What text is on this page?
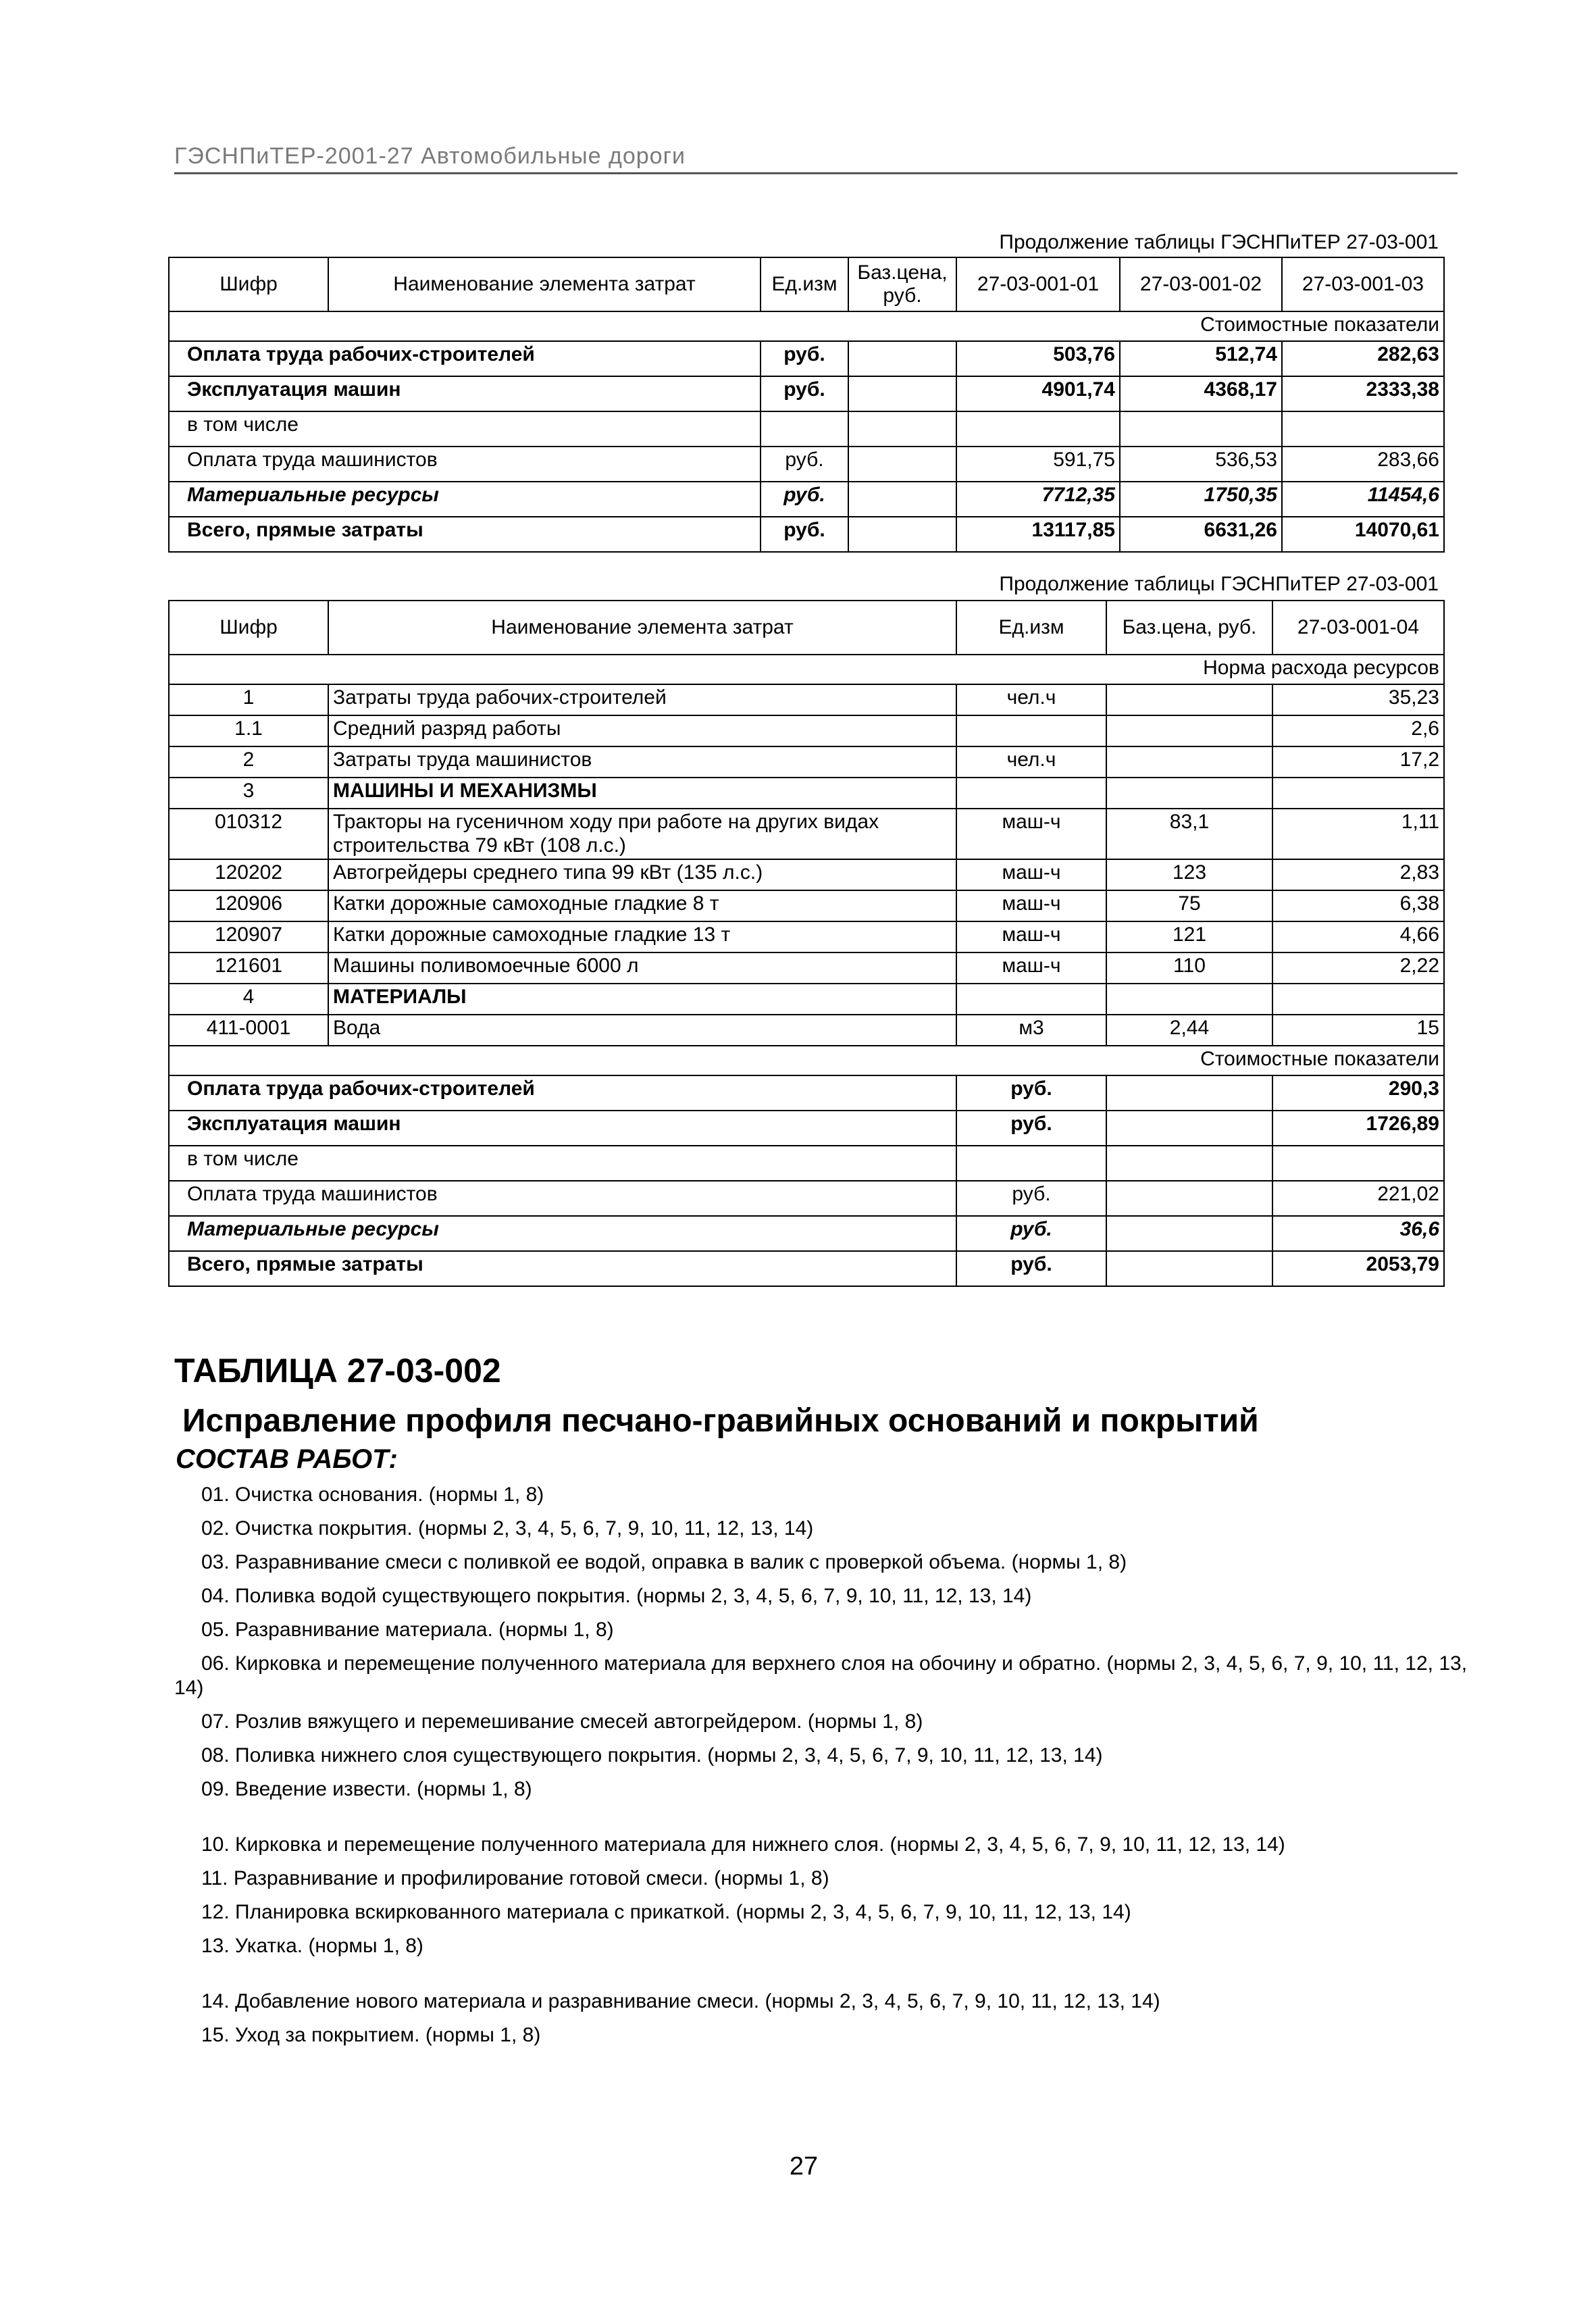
ГЭСНПиТЕР-2001-27 Автомобильные дороги
Продолжение таблицы ГЭСНПиТЕР 27-03-001
Шифр	Наименование элемента затрат	Ед.изм	Баз.цена, руб.	27-03-001-01	27-03-001-02	27-03-001-03
Стоимостные показатели						
Оплата труда рабочих-строителей		руб.		503,76	512,74	282,63
Эксплуатация машин		руб.		4901,74	4368,17	2333,38
в том числе						
Оплата труда машинистов		руб.		591,75	536,53	283,66
Материальные ресурсы		руб.		7712,35	1750,35	11454,6
Всего, прямые затраты		руб.		13117,85	6631,26	14070,61
Продолжение таблицы ГЭСНПиТЕР 27-03-001
Шифр	Наименование элемента затрат	Ед.изм	Баз.цена, руб.	27-03-001-04
Норма расхода ресурсов				
1	Затраты труда рабочих-строителей	чел.ч		35,23
1.1	Средний разряд работы			2,6
2	Затраты труда машинистов	чел.ч		17,2
3	МАШИНЫ И МЕХАНИЗМЫ			
010312	Тракторы на гусеничном ходу при работе на других видах строительства 79 кВт (108 л.с.)	маш-ч	83,1	1,11
120202	Автогрейдеры среднего типа 99 кВт (135 л.с.)	маш-ч	123	2,83
120906	Катки дорожные самоходные гладкие 8 т	маш-ч	75	6,38
120907	Катки дорожные самоходные гладкие 13 т	маш-ч	121	4,66
121601	Машины поливомоечные 6000 л	маш-ч	110	2,22
4	МАТЕРИАЛЫ			
411-0001	Вода	м3	2,44	15
Стоимостные показатели				
Оплата труда рабочих-строителей		руб.		290,3
Эксплуатация машин		руб.		1726,89
в том числе				
Оплата труда машинистов		руб.		221,02
Материальные ресурсы		руб.		36,6
Всего, прямые затраты		руб.		2053,79
ТАБЛИЦА 27-03-002
Исправление профиля песчано-гравийных оснований и покрытий
СОСТАВ РАБОТ:
01. Очистка основания. (нормы 1, 8)
02. Очистка покрытия. (нормы 2, 3, 4, 5, 6, 7, 9, 10, 11, 12, 13, 14)
03. Разравнивание смеси с поливкой ее водой, оправка в валик с проверкой объема. (нормы 1, 8)
04. Поливка водой существующего покрытия. (нормы 2, 3, 4, 5, 6, 7, 9, 10, 11, 12, 13, 14)
05. Разравнивание материала. (нормы 1, 8)
06. Кирковка и перемещение полученного материала для верхнего слоя на обочину и обратно. (нормы 2, 3, 4, 5, 6, 7, 9, 10, 11, 12, 13, 14)
07. Розлив вяжущего и перемешивание смесей автогрейдером. (нормы 1, 8)
08. Поливка нижнего слоя существующего покрытия. (нормы 2, 3, 4, 5, 6, 7, 9, 10, 11, 12, 13, 14)
09. Введение извести. (нормы 1, 8)
10. Кирковка и перемещение полученного материала для нижнего слоя. (нормы 2, 3, 4, 5, 6, 7, 9, 10, 11, 12, 13, 14)
11. Разравнивание и профилирование готовой смеси. (нормы 1, 8)
12. Планировка вскиркованного материала с прикаткой. (нормы 2, 3, 4, 5, 6, 7, 9, 10, 11, 12, 13, 14)
13. Укатка. (нормы 1, 8)
14. Добавление нового материала и разравнивание смеси. (нормы 2, 3, 4, 5, 6, 7, 9, 10, 11, 12, 13, 14)
15. Уход за покрытием. (нормы 1, 8)
27
